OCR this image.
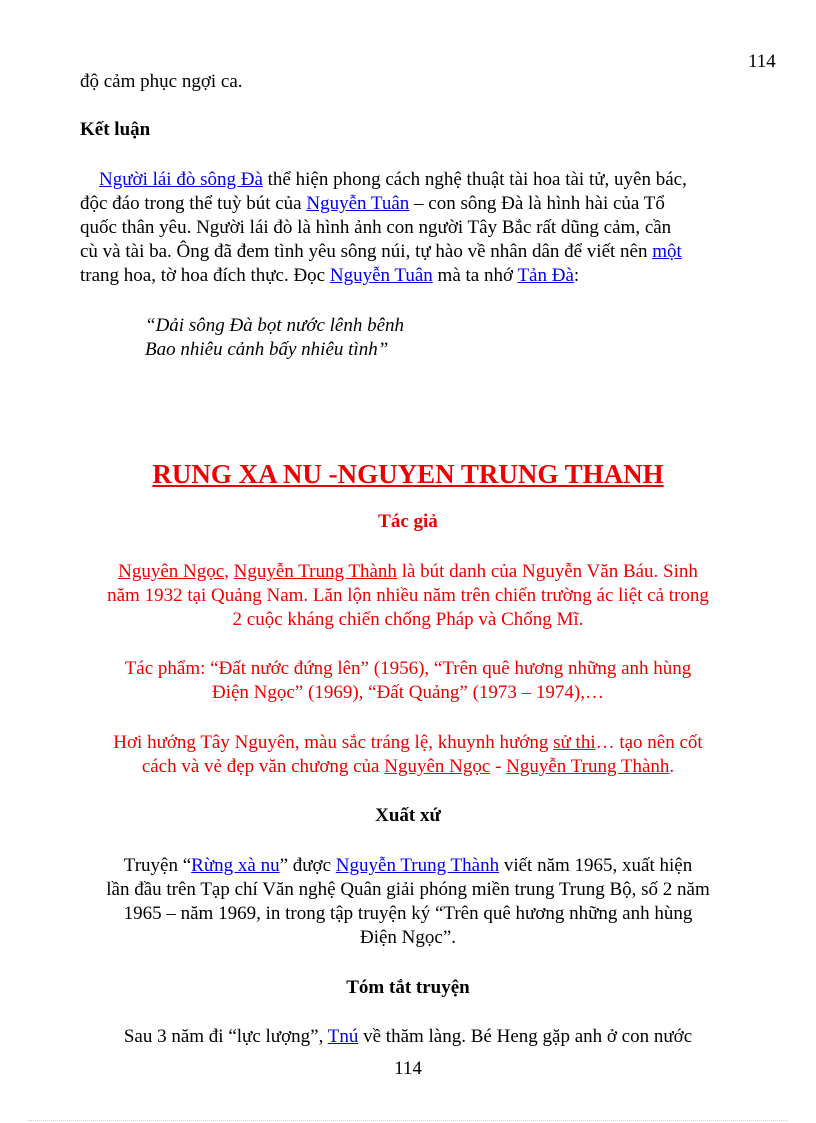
114
độ cảm phục ngợi ca.
Kết luận
Người lái đò sông Đà thể hiện phong cách nghệ thuật tài hoa tài tử, uyên bác,
độc đáo trong thể tuỳ bút của Nguyễn Tuân – con sông Đà là hình hài của Tổ
quốc thân yêu. Người lái đò là hình ảnh con người Tây Bắc rất dũng cảm, cần
cù và tài ba. Ông đã đem tình yêu sông núi, tự hào về nhân dân để viết nên một
trang hoa, tờ hoa đích thực. Đọc Nguyễn Tuân mà ta nhớ Tản Đà:
“Dải sông Đà bọt nước lênh bênh
Bao nhiêu cảnh bấy nhiêu tình”
RUNG XA NU -NGUYEN TRUNG THANH
Tác giả
Nguyên Ngọc, Nguyễn Trung Thành là bút danh của Nguyễn Văn Báu. Sinh
năm 1932 tại Quảng Nam. Lăn lộn nhiều năm trên chiến trường ác liệt cả trong
2 cuộc kháng chiến chống Pháp và Chống Mĩ.
Tác phẩm: “Đất nước đứng lên” (1956), “Trên quê hương những anh hùng
Điện Ngọc” (1969), “Đất Quảng” (1973 – 1974),…
Hơi hướng Tây Nguyên, màu sắc tráng lệ, khuynh hướng sử thi… tạo nên cốt
cách và vẻ đẹp văn chương của Nguyên Ngọc - Nguyễn Trung Thành.
Xuất xứ
Truyện “Rừng xà nu” được Nguyễn Trung Thành viết năm 1965, xuất hiện
lần đầu trên Tạp chí Văn nghệ Quân giải phóng miền trung Trung Bộ, số 2 năm
1965 – năm 1969, in trong tập truyện ký “Trên quê hương những anh hùng
Điện Ngọc”.
Tóm tắt truyện
Sau 3 năm đi “lực lượng”, Tnú về thăm làng. Bé Heng gặp anh ở con nước
114
